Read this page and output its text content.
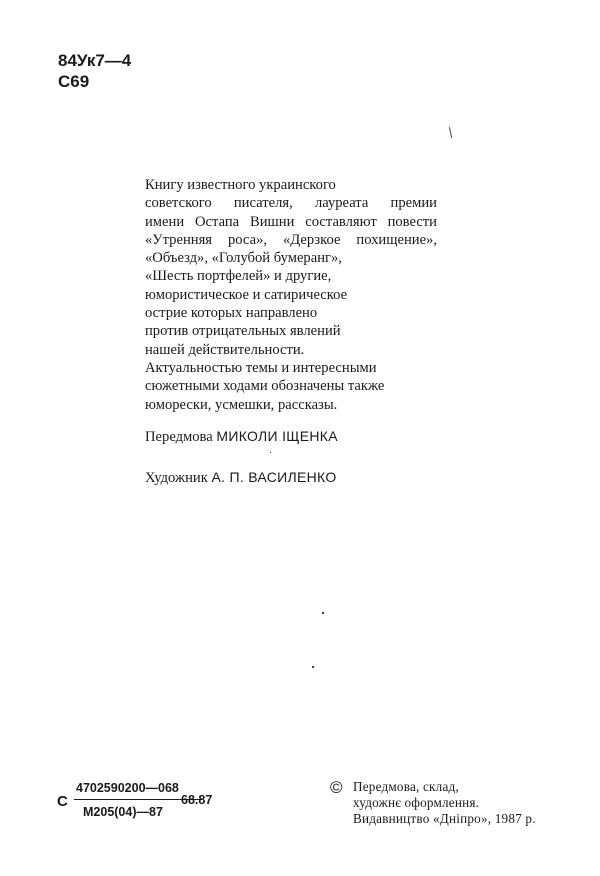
84Ук7—4
С69
Книгу известного украинского
советского писателя, лауреата премии
имени Остапа Вишни составляют повести
«Утренняя роса», «Дерзкое похищение»,
«Объезд», «Голубой бумеранг»,
«Шесть портфелей» и другие,
юмористическое и сатирическое
острие которых направлено
против отрицательных явлений
нашей действительности.
Актуальностью темы и интересными
сюжетными ходами обозначены также
юморески, усмешки, рассказы.
Передмова МИКОЛИ ІЩЕНКА
Художник А. П. ВАСИЛЕНКО
С
4702590200—068
М205(04)—87
68.87
© Передмова, склад,
художнє оформлення.
Видавництво «Дніпро», 1987 р.
